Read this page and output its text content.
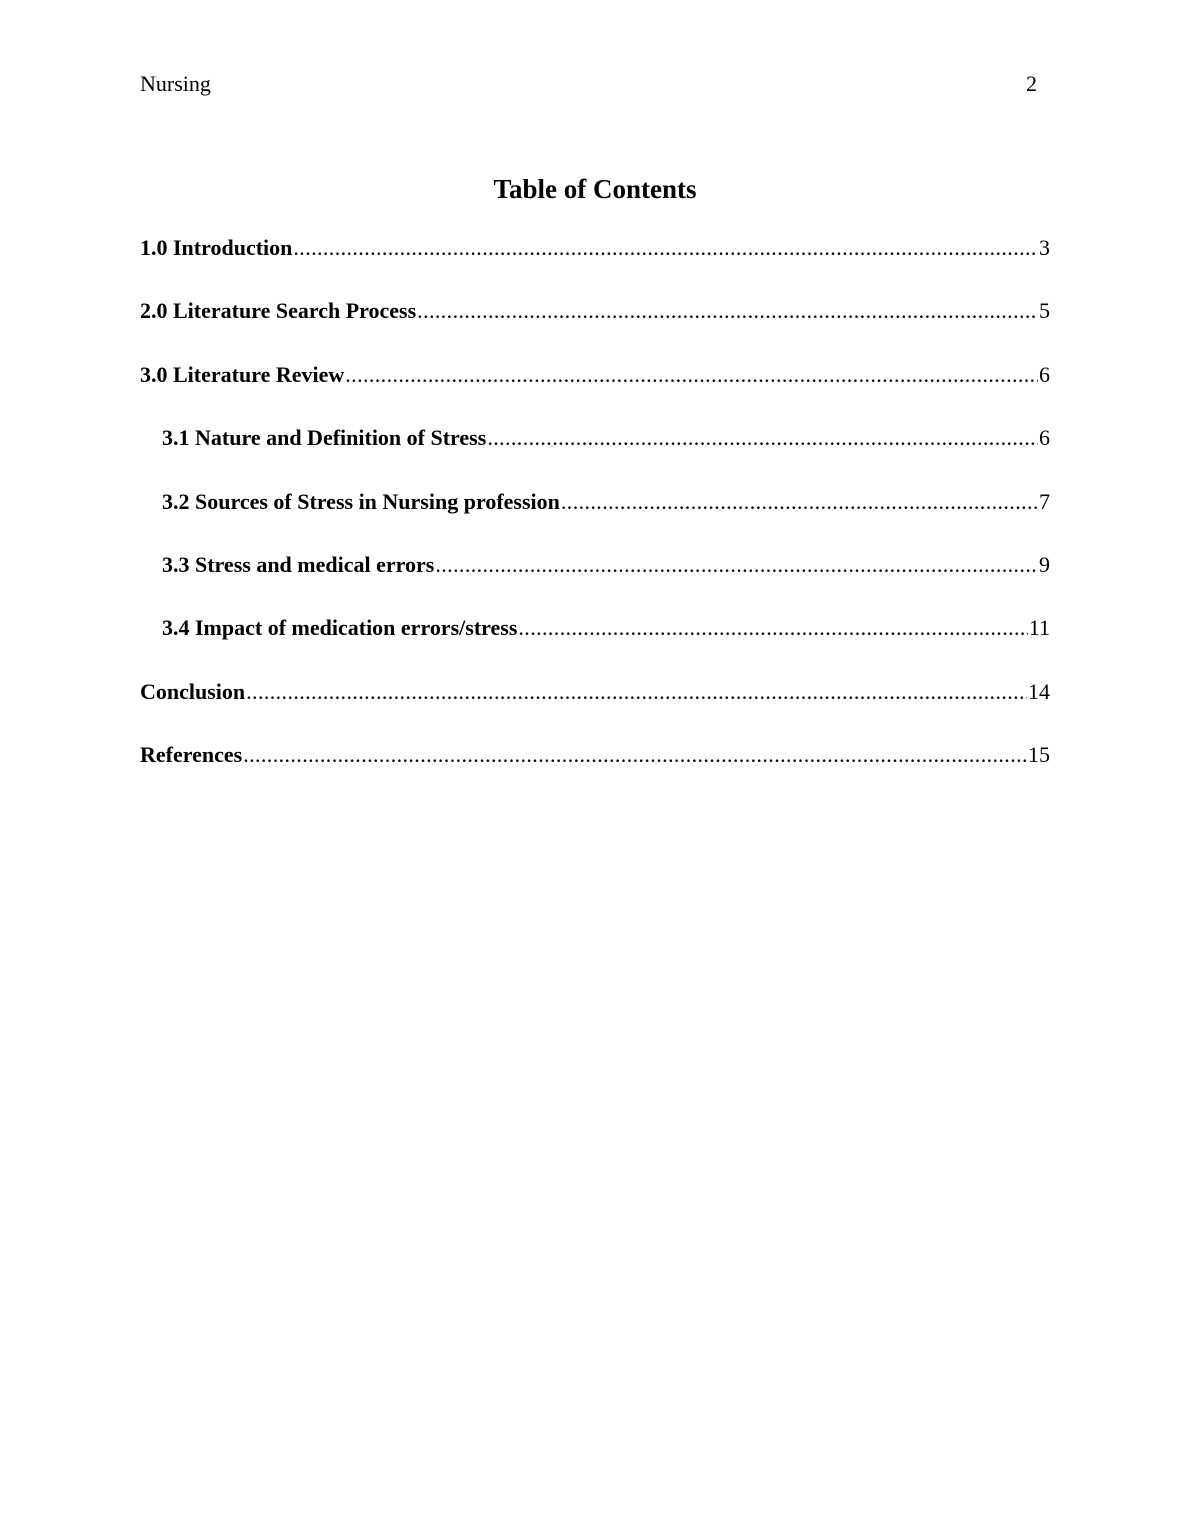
Nursing	2
Table of Contents
1.0 Introduction .....	3
2.0 Literature Search Process .....	5
3.0 Literature Review .....	6
3.1 Nature and Definition of Stress .....	6
3.2 Sources of Stress in Nursing profession .....	7
3.3 Stress and medical errors .....	9
3.4 Impact of medication errors/stress .....	11
Conclusion .....	14
References .....	15
